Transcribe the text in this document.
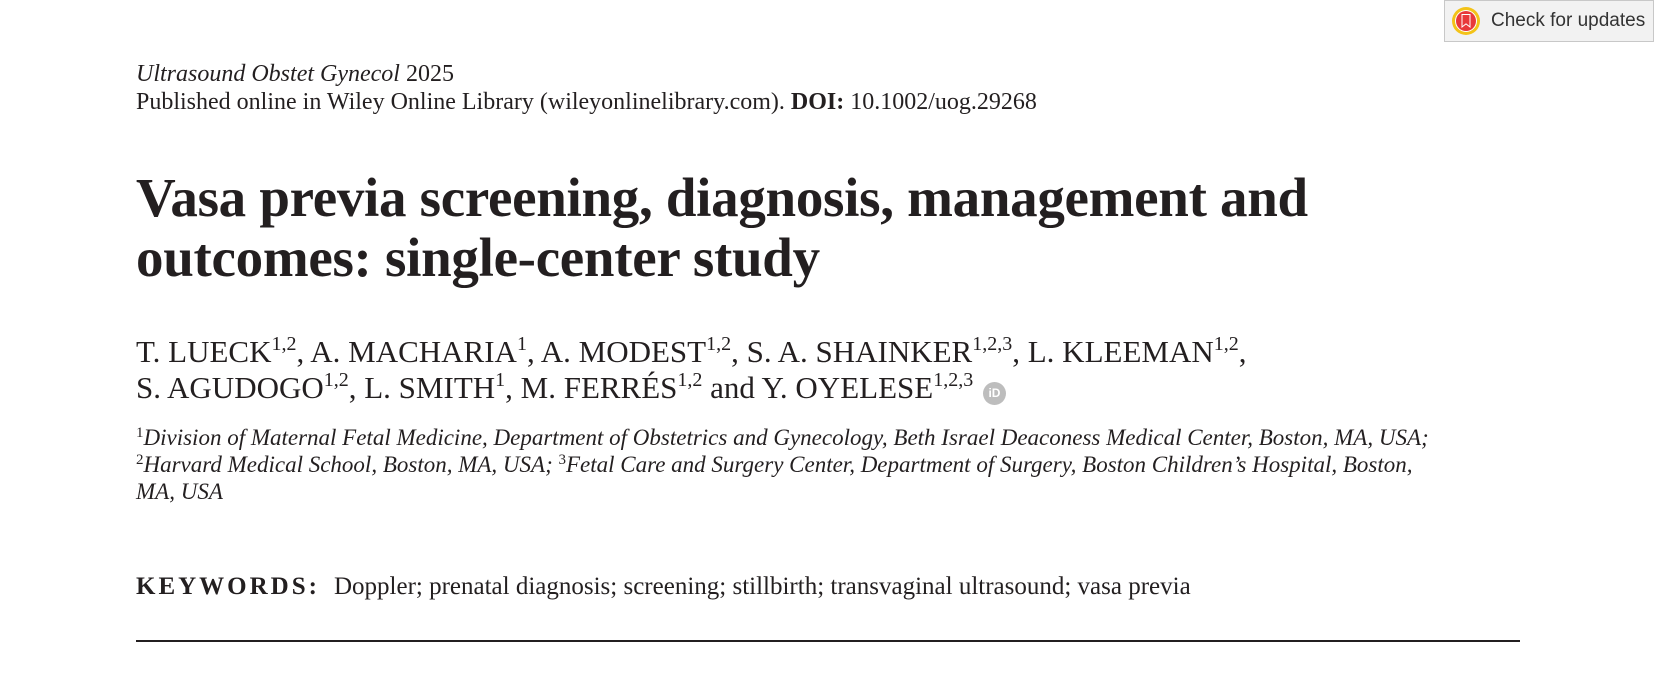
Check for updates
Ultrasound Obstet Gynecol 2025
Published online in Wiley Online Library (wileyonlinelibrary.com). DOI: 10.1002/uog.29268
Vasa previa screening, diagnosis, management and
outcomes: single-center study
T. LUECK$^{1,2}$, A. MACHARIA$^1$, A. MODEST$^{1,2}$, S. A. SHAINKER$^{1,2,3}$, L. KLEEMAN$^{1,2}$,
S. AGUDOGO$^{1,2}$, L. SMITH$^1$, M. FERRÉS$^{1,2}$ and Y. OYELESE$^{1,2,3}$ iD
$^1$Division of Maternal Fetal Medicine, Department of Obstetrics and Gynecology, Beth Israel Deaconess Medical Center, Boston, MA, USA;
$^2$Harvard Medical School, Boston, MA, USA; $^3$Fetal Care and Surgery Center, Department of Surgery, Boston Children’s Hospital, Boston,
MA, USA
KEYWORDS: Doppler; prenatal diagnosis; screening; stillbirth; transvaginal ultrasound; vasa previa
